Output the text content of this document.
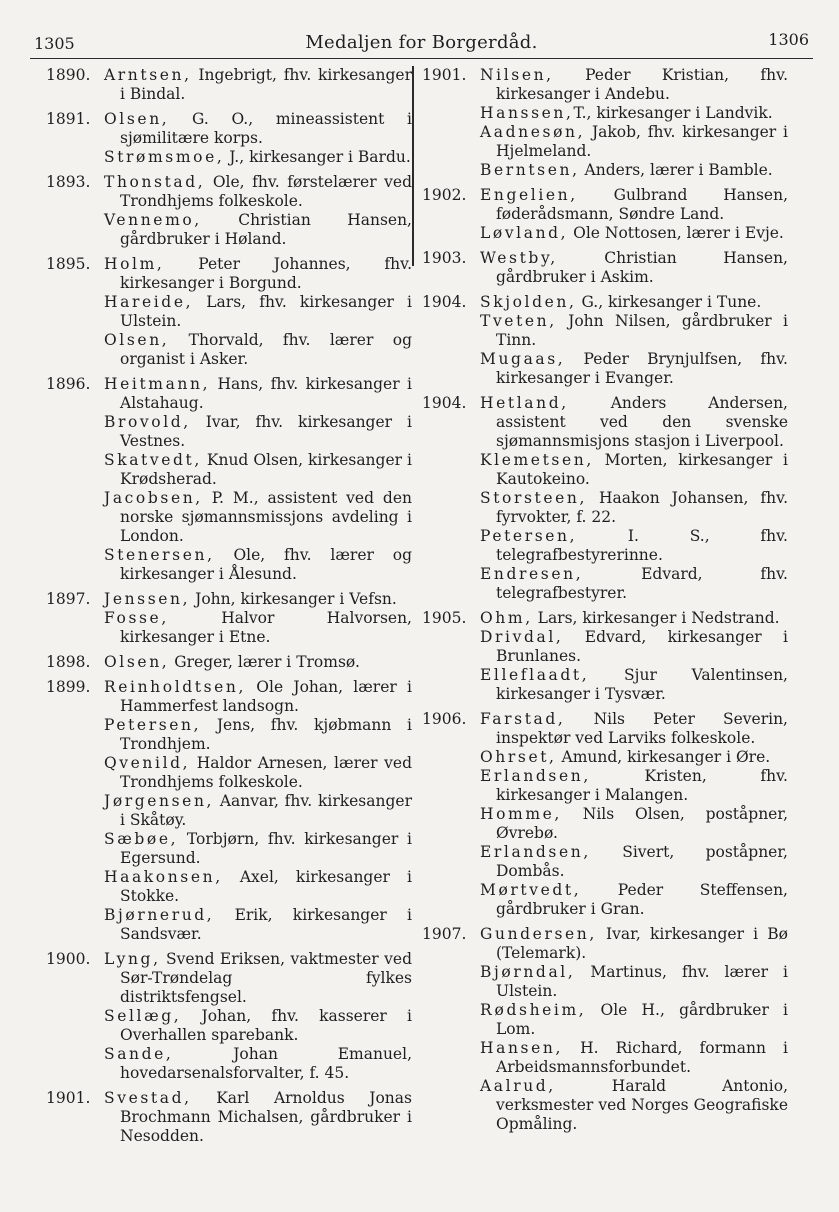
1305	Medaljen for Borgerdåd.	1306
1890. Arntsen, Ingebrigt, fhv. kirkesanger i Bindal.
1891. Olsen, G. O., mineassistent i sjømilitære korps.
Strømsmoe, J., kirkesanger i Bardu.
1893. Thonstad, Ole, fhv. førstelærer ved Trondhjems folkeskole.
Vennemo, Christian Hansen, gårdbruker i Høland.
1895. Holm, Peter Johannes, fhv. kirkesanger i Borgund.
Hareide, Lars, fhv. kirkesanger i Ulstein.
Olsen, Thorvald, fhv. lærer og organist i Asker.
1896. Heitmann, Hans, fhv. kirkesanger i Alstahaug.
Brovold, Ivar, fhv. kirkesanger i Vestnes.
Skatvedt, Knud Olsen, kirkesanger i Krødsherad.
Jacobsen, P. M., assistent ved den norske sjømannsmissjons avdeling i London.
Stenersen, Ole, fhv. lærer og kirkesanger i Ålesund.
1897. Jenssen, John, kirkesanger i Vefsn.
Fosse, Halvor Halvorsen, kirkesanger i Etne.
1898. Olsen, Greger, lærer i Tromsø.
1899. Reinholdtsen, Ole Johan, lærer i Hammerfest landsogn.
Petersen, Jens, fhv. kjøbmann i Trondhjem.
Qvenild, Haldor Arnesen, lærer ved Trondhjems folkeskole.
Jørgensen, Aanvar, fhv. kirkesanger i Skåtøy.
Sæbøe, Torbjørn, fhv. kirkesanger i Egersund.
Haakonsen, Axel, kirkesanger i Stokke.
Bjørnerud, Erik, kirkesanger i Sandsvær.
1900. Lyng, Svend Eriksen, vaktmester ved Sør-Trøndelag fylkes distriktsfengsel.
Sellæg, Johan, fhv. kasserer i Overhallen sparebank.
Sande, Johan Emanuel, hovedarsenalsforvalter, f. 45.
1901. Svestad, Karl Arnoldus Jonas Brochmann Michalsen, gårdbruker i Nesodden.
1901. Nilsen, Peder Kristian, fhv. kirkesanger i Andebu.
Hanssen,T., kirkesanger i Landvik.
Aadnesøn, Jakob, fhv. kirkesanger i Hjelmeland.
Berntsen, Anders, lærer i Bamble.
1902. Engelien, Gulbrand Hansen, føderådsmann, Søndre Land.
Løvland, Ole Nottosen, lærer i Evje.
1903. Westby, Christian Hansen, gårdbruker i Askim.
1904. Skjolden, G., kirkesanger i Tune.
Tveten, John Nilsen, gårdbruker i Tinn.
Mugaas, Peder Brynjulfsen, fhv. kirkesanger i Evanger.
1904. Hetland, Anders Andersen, assistent ved den svenske sjømannsmisjons stasjon i Liverpool.
Klemetsen, Morten, kirkesanger i Kautokeino.
Storsteen, Haakon Johansen, fhv. fyrvokter, f. 22.
Petersen, I. S., fhv. telegrafbestyrerinne.
Endresen, Edvard, fhv. telegrafbestyrer.
1905. Ohm, Lars, kirkesanger i Nedstrand.
Drivdal, Edvard, kirkesanger i Brunlanes.
Elleflaadt, Sjur Valentinsen, kirkesanger i Tysvær.
1906. Farstad, Nils Peter Severin, inspektør ved Larviks folkeskole.
Ohrset, Amund, kirkesanger i Øre.
Erlandsen, Kristen, fhv. kirkesanger i Malangen.
Homme, Nils Olsen, poståpner, Øvrebø.
Erlandsen, Sivert, poståpner, Dombås.
Mørtvedt, Peder Steffensen, gårdbruker i Gran.
1907. Gundersen, Ivar, kirkesanger i Bø (Telemark).
Bjørndal, Martinus, fhv. lærer i Ulstein.
Rødsheim, Ole H., gårdbruker i Lom.
Hansen, H. Richard, formann i Arbeidsmannsforbundet.
Aalrud, Harald Antonio, verksmester ved Norges Geografiske Opmåling.
